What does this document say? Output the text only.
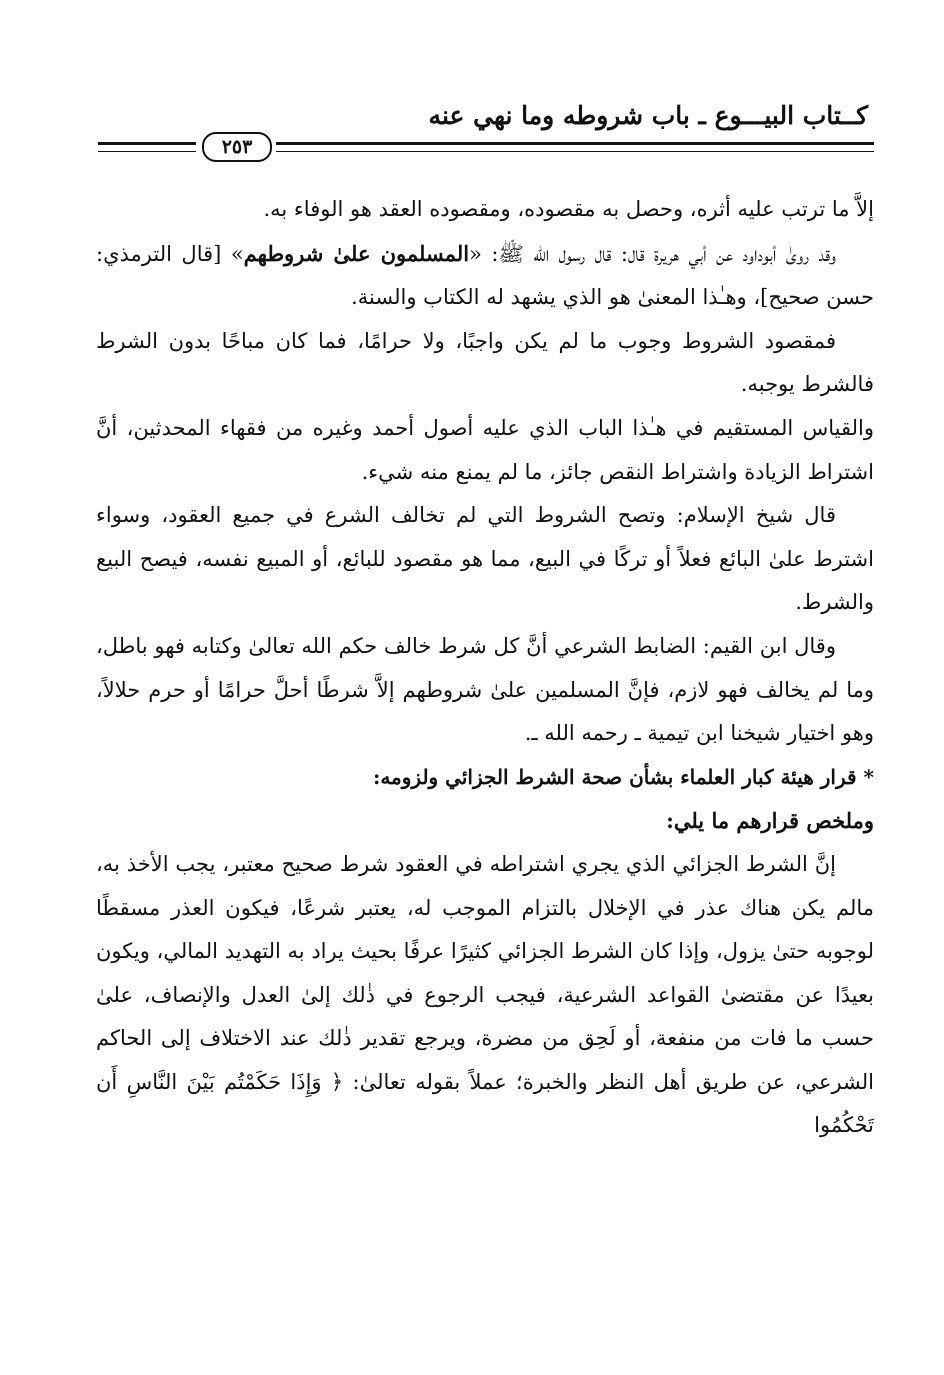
كــتاب البيـــوع ـ باب شروطه وما نهي عنه
٢٥٣

إلاَّ ما ترتب عليه أثره، وحصل به مقصوده، ومقصوده العقد هو الوفاء به.

وقد روىٰ أبوداود عن أبي هريرة قال: قال رسول الله ﷺ: «المسلمون علىٰ شروطهم» [قال الترمذي: حسن صحيح]، وهـٰذا المعنىٰ هو الذي يشهد له الكتاب والسنة.

فمقصود الشروط وجوب ما لم يكن واجبًا، ولا حرامًا، فما كان مباحًا بدون الشرط فالشرط يوجبه.

والقياس المستقيم في هـٰذا الباب الذي عليه أصول أحمد وغيره من فقهاء المحدثين، أنَّ اشتراط الزيادة واشتراط النقص جائز، ما لم يمنع منه شيء.

قال شيخ الإسلام: وتصح الشروط التي لم تخالف الشرع في جميع العقود، وسواء اشترط علىٰ البائع فعلاً أو تركًا في البيع، مما هو مقصود للبائع، أو المبيع نفسه، فيصح البيع والشرط.

وقال ابن القيم: الضابط الشرعي أنَّ كل شرط خالف حكم الله تعالىٰ وكتابه فهو باطل، وما لم يخالف فهو لازم، فإنَّ المسلمين علىٰ شروطهم إلاَّ شرطًا أحلَّ حرامًا أو حرم حلالاً، وهو اختيار شيخنا ابن تيمية ـ رحمه الله ـ.

* قرار هيئة كبار العلماء بشأن صحة الشرط الجزائي ولزومه:

وملخص قرارهم ما يلي:

إنَّ الشرط الجزائي الذي يجري اشتراطه في العقود شرط صحيح معتبر، يجب الأخذ به، مالم يكن هناك عذر في الإخلال بالتزام الموجب له، يعتبر شرعًا، فيكون العذر مسقطًا لوجوبه حتىٰ يزول، وإذا كان الشرط الجزائي كثيرًا عرفًا بحيث يراد به التهديد المالي، ويكون بعيدًا عن مقتضىٰ القواعد الشرعية، فيجب الرجوع في ذٰلك إلىٰ العدل والإنصاف، علىٰ حسب ما فات من منفعة، أو لَحِق من مضرة، ويرجع تقدير ذٰلك عند الاختلاف إلى الحاكم الشرعي، عن طريق أهل النظر والخبرة؛ عملاً بقوله تعالىٰ: ﴿ وَإِذَا حَكَمْتُم بَيْنَ النَّاسِ أَن تَحْكُمُوا
